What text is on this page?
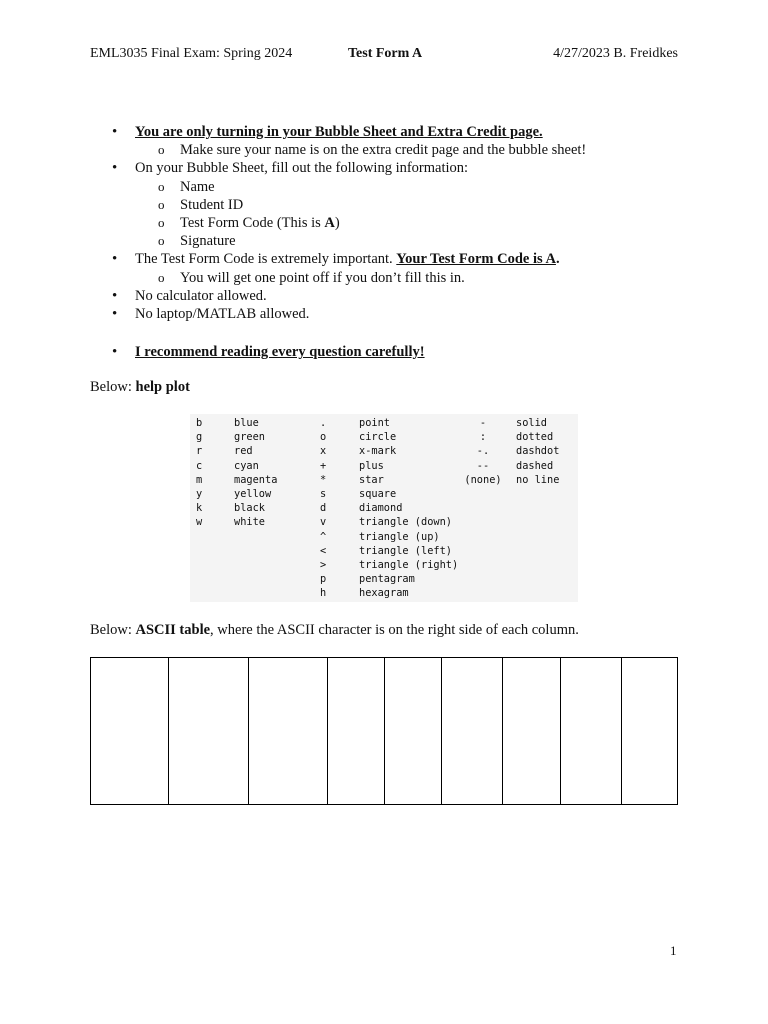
EML3035 Final Exam: Spring 2024	Test Form A	4/27/2023 B. Freidkes
• You are only turning in your Bubble Sheet and Extra Credit page.
o Make sure your name is on the extra credit page and the bubble sheet!
• On your Bubble Sheet, fill out the following information:
o Name
o Student ID
o Test Form Code (This is A)
o Signature
• The Test Form Code is extremely important. Your Test Form Code is A.
o You will get one point off if you don’t fill this in.
• No calculator allowed.
• No laptop/MATLAB allowed.
• I recommend reading every question carefully!
Below: help plot
b
g
r
c
m
y
k
w
blue
green
red
cyan
magenta
yellow
black
white
.
o
x
+
*
s
d
v
^
<
>
p
h
point
circle
x-mark
plus
star
square
diamond
triangle (down)
triangle (up)
triangle (left)
triangle (right)
pentagram
hexagram
-
:
-.
--
(none)
solid
dotted
dashdot
dashed
no line
Below: ASCII table, where the ASCII character is on the right side of each column.
1
